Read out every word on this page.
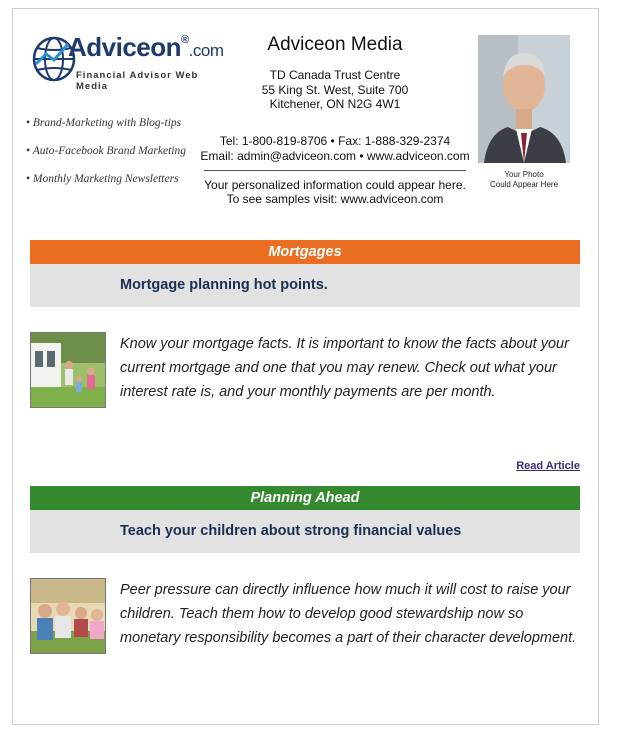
Adviceon®.com
Financial Advisor Web Media
• Brand-Marketing with Blog-tips
• Auto-Facebook Brand Marketing
• Monthly Marketing Newsletters
Adviceon Media
TD Canada Trust Centre
55 King St. West, Suite 700
Kitchener, ON N2G 4W1
Tel: 1-800-819-8706 • Fax: 1-888-329-2374
Email: admin@adviceon.com • www.adviceon.com
Your personalized information could appear here.
To see samples visit: www.adviceon.com
Your Photo
Could Appear Here
Mortgages
Mortgage planning hot points.
Know your mortgage facts. It is important to know the facts about your current mortgage and one that you may renew. Check out what your interest rate is, and your monthly payments are per month.
Read Article
Planning Ahead
Teach your children about strong financial values
Peer pressure can directly influence how much it will cost to raise your children. Teach them how to develop good stewardship now so monetary responsibility becomes a part of their character development.
